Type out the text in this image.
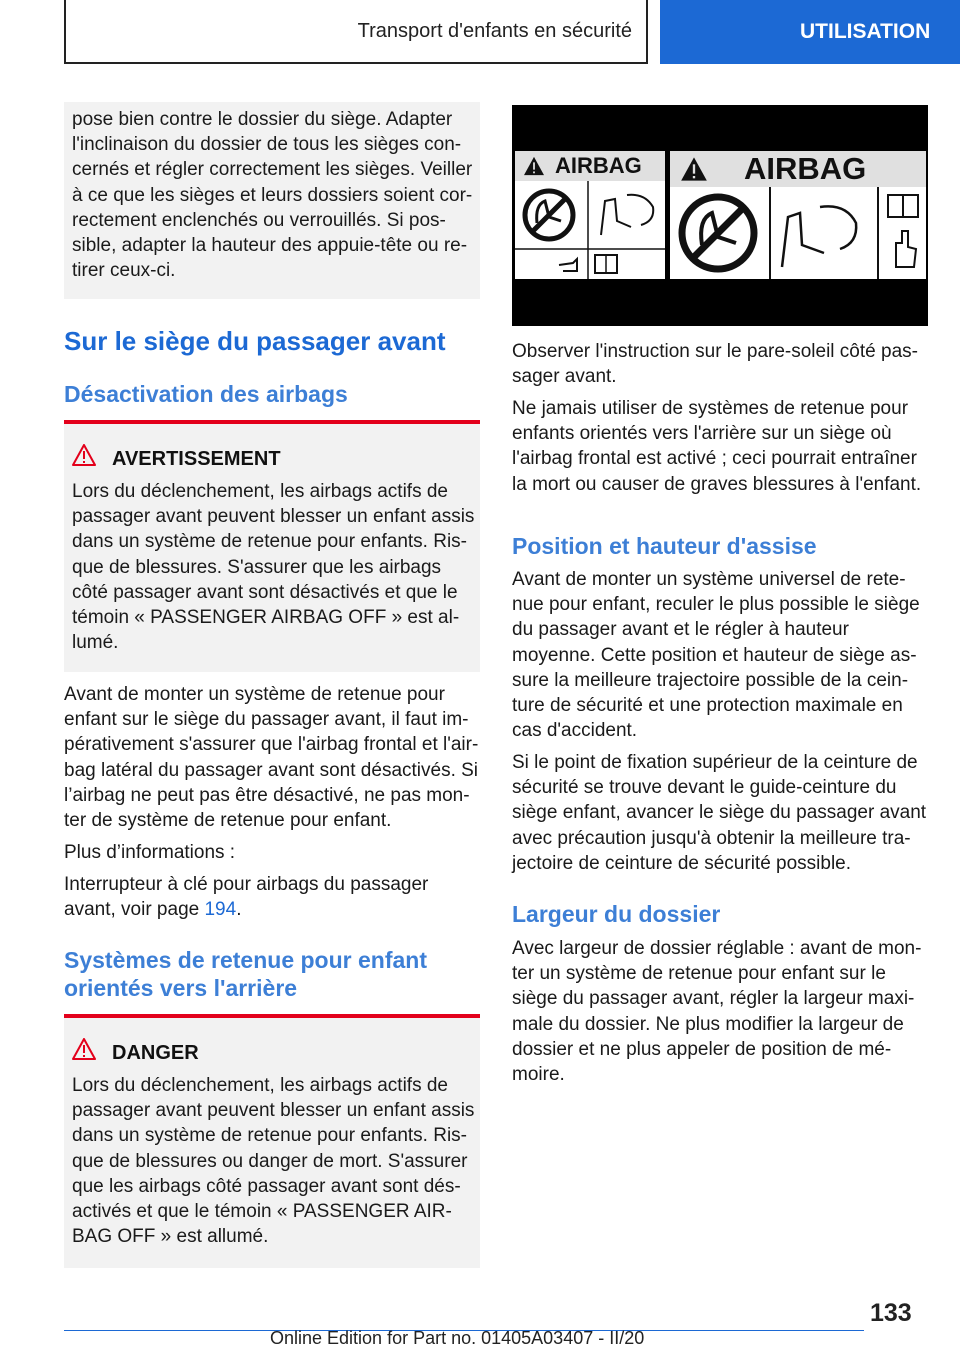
Transport d'enfants en sécurité	UTILISATION

pose bien contre le dossier du siège. Adapter
l'inclinaison du dossier de tous les sièges con‐
cernés et régler correctement les sièges. Veiller
à ce que les sièges et leurs dossiers soient cor‐
rectement enclenchés ou verrouillés. Si pos‐
sible, adapter la hauteur des appuie-tête ou re‐
tirer ceux-ci.

Sur le siège du passager avant
Désactivation des airbags
AVERTISSEMENT

Lors du déclenchement, les airbags actifs de
passager avant peuvent blesser un enfant assis
dans un système de retenue pour enfants. Ris‐
que de blessures. S'assurer que les airbags
côté passager avant sont désactivés et que le
témoin « PASSENGER AIRBAG OFF » est al‐
lumé.

Avant de monter un système de retenue pour
enfant sur le siège du passager avant, il faut im‐
pérativement s'assurer que l'airbag frontal et l'air‐
bag latéral du passager avant sont désactivés. Si
l’airbag ne peut pas être désactivé, ne pas mon‐
ter de système de retenue pour enfant.

Plus d’informations :

Interrupteur à clé pour airbags du passager
avant, voir page 194.

Systèmes de retenue pour enfant
orientés vers l'arrière
DANGER

Lors du déclenchement, les airbags actifs de
passager avant peuvent blesser un enfant assis
dans un système de retenue pour enfants. Ris‐
que de blessures ou danger de mort. S'assurer
que les airbags côté passager avant sont dés‐
activés et que le témoin « PASSENGER AIR‐
BAG OFF » est allumé.

AIRBAG	AIRBAG

Observer l'instruction sur le pare-soleil côté pas‐
sager avant.

Ne jamais utiliser de systèmes de retenue pour
enfants orientés vers l'arrière sur un siège où
l'airbag frontal est activé ; ceci pourrait entraîner
la mort ou causer de graves blessures à l'enfant.

Position et hauteur d'assise

Avant de monter un système universel de rete‐
nue pour enfant, reculer le plus possible le siège
du passager avant et le régler à hauteur
moyenne. Cette position et hauteur de siège as‐
sure la meilleure trajectoire possible de la cein‐
ture de sécurité et une protection maximale en
cas d'accident.

Si le point de fixation supérieur de la ceinture de
sécurité se trouve devant le guide-ceinture du
siège enfant, avancer le siège du passager avant
avec précaution jusqu'à obtenir la meilleure tra‐
jectoire de ceinture de sécurité possible.

Largeur du dossier

Avec largeur de dossier réglable : avant de mon‐
ter un système de retenue pour enfant sur le
siège du passager avant, régler la largeur maxi‐
male du dossier. Ne plus modifier la largeur de
dossier et ne plus appeler de position de mé‐
moire.

133
Online Edition for Part no. 01405A03407 - II/20
